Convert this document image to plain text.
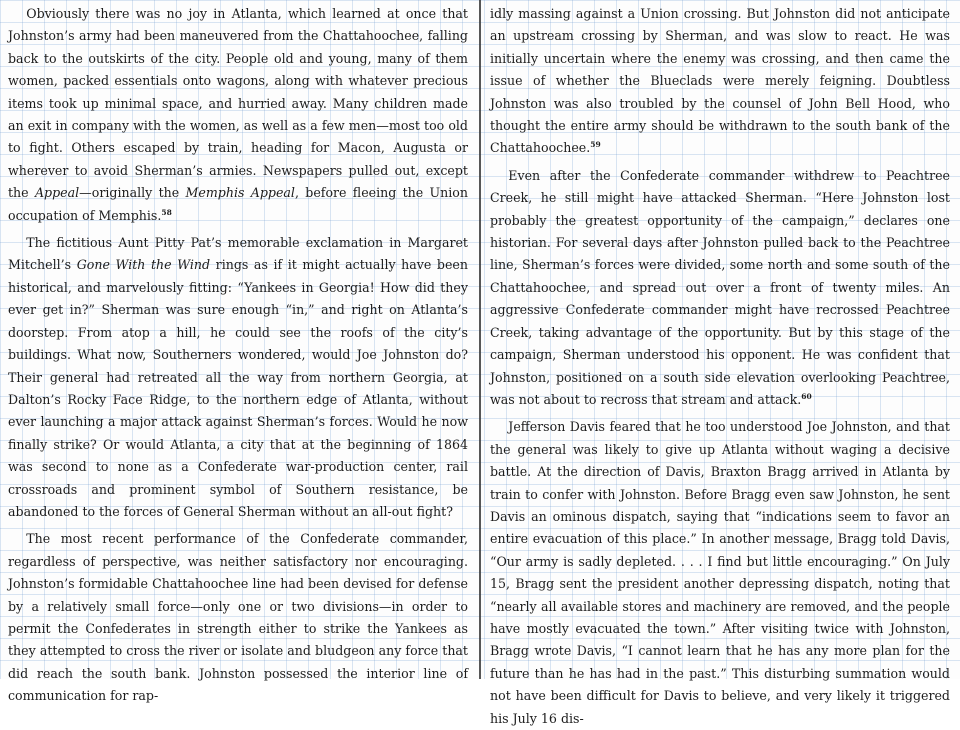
Obviously there was no joy in Atlanta, which learned at once that Johnston’s army had been maneuvered from the Chattahoochee, falling back to the outskirts of the city. People old and young, many of them women, packed essentials onto wagons, along with whatever precious items took up minimal space, and hurried away. Many children made an exit in company with the women, as well as a few men—most too old to fight. Others escaped by train, heading for Macon, Augusta or wherever to avoid Sherman’s armies. Newspapers pulled out, except the Appeal—originally the Memphis Appeal, before fleeing the Union occupation of Memphis.$^{58}$

The fictitious Aunt Pitty Pat’s memorable exclamation in Margaret Mitchell’s Gone With the Wind rings as if it might actually have been historical, and marvelously fitting: “Yankees in Georgia! How did they ever get in?” Sherman was sure enough “in,” and right on Atlanta’s doorstep. From atop a hill, he could see the roofs of the city’s buildings. What now, Southerners wondered, would Joe Johnston do? Their general had retreated all the way from northern Georgia, at Dalton’s Rocky Face Ridge, to the northern edge of Atlanta, without ever launching a major attack against Sherman’s forces. Would he now finally strike? Or would Atlanta, a city that at the beginning of 1864 was second to none as a Confederate war-production center, rail crossroads and prominent symbol of Southern resistance, be abandoned to the forces of General Sherman without an all-out fight?

The most recent performance of the Confederate commander, regardless of perspective, was neither satisfactory nor encouraging. Johnston’s formidable Chattahoochee line had been devised for defense by a relatively small force—only one or two divisions—in order to permit the Confederates in strength either to strike the Yankees as they attempted to cross the river or isolate and bludgeon any force that did reach the south bank. Johnston possessed the interior line of communication for rap-

idly massing against a Union crossing. But Johnston did not anticipate an upstream crossing by Sherman, and was slow to react. He was initially uncertain where the enemy was crossing, and then came the issue of whether the Blueclads were merely feigning. Doubtless Johnston was also troubled by the counsel of John Bell Hood, who thought the entire army should be withdrawn to the south bank of the Chattahoochee.$^{59}$

Even after the Confederate commander withdrew to Peachtree Creek, he still might have attacked Sherman. “Here Johnston lost probably the greatest opportunity of the campaign,” declares one historian. For several days after Johnston pulled back to the Peachtree line, Sherman’s forces were divided, some north and some south of the Chattahoochee, and spread out over a front of twenty miles. An aggressive Confederate commander might have recrossed Peachtree Creek, taking advantage of the opportunity. But by this stage of the campaign, Sherman understood his opponent. He was confident that Johnston, positioned on a south side elevation overlooking Peachtree, was not about to recross that stream and attack.$^{60}$

Jefferson Davis feared that he too understood Joe Johnston, and that the general was likely to give up Atlanta without waging a decisive battle. At the direction of Davis, Braxton Bragg arrived in Atlanta by train to confer with Johnston. Before Bragg even saw Johnston, he sent Davis an ominous dispatch, saying that “indications seem to favor an entire evacuation of this place.” In another message, Bragg told Davis, “Our army is sadly depleted. . . . I find but little encouraging.” On July 15, Bragg sent the president another depressing dispatch, noting that “nearly all available stores and machinery are removed, and the people have mostly evacuated the town.” After visiting twice with Johnston, Bragg wrote Davis, “I cannot learn that he has any more plan for the future than he has had in the past.” This disturbing summation would not have been difficult for Davis to believe, and very likely it triggered his July 16 dis-
